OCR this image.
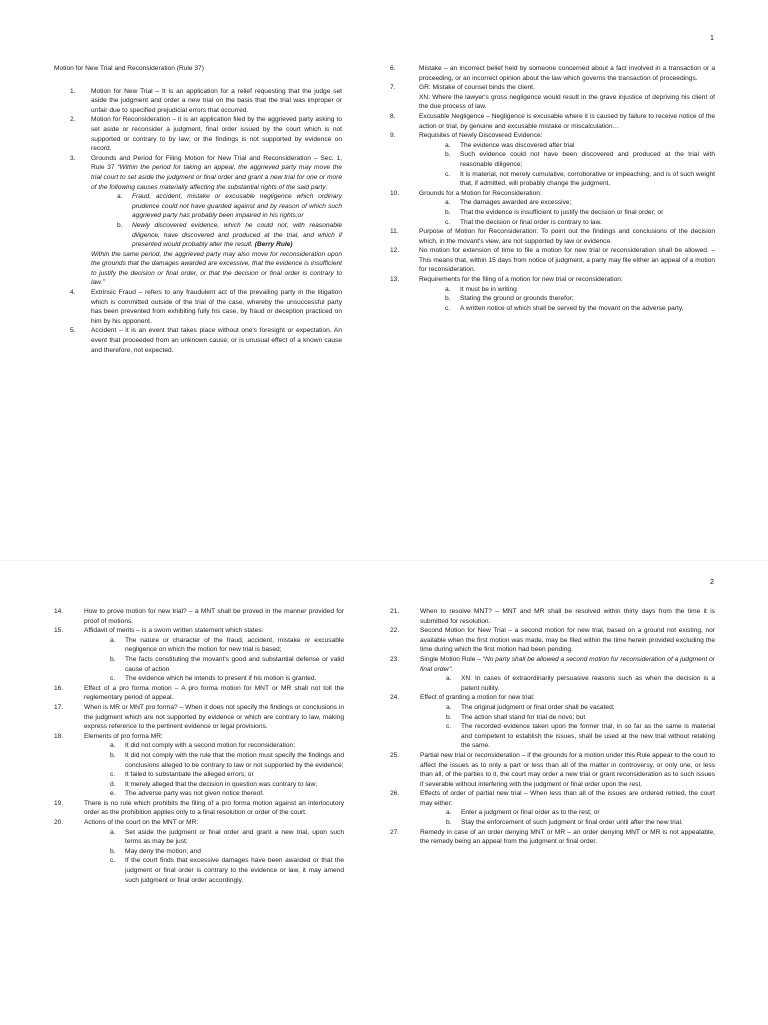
1
Motion for New Trial and Reconsideration (Rule 37)
1. Motion for New Trial – It is an application for a relief requesting that the judge set aside the judgment and order a new trial on the basis that the trial was improper or unfair due to specified prejudicial errors that occurred.
2. Motion for Reconsideration – it is an application filed by the aggrieved party asking to set aside or reconsider a judgment, final order issued by the court which is not supported or contrary to by law; or the findings is not supported by evidence on record.
3. Grounds and Period for Filing Motion for New Trial and Reconsideration – Sec. 1, Rule 37 “Within the period for taking an appeal, the aggrieved party may move the trial court to set aside the judgment or final order and grant a new trial for one or more of the following causes materially affecting the substantial rights of the said party:
a. Fraud, accident, mistake or excusable negligence which ordinary prudence could not have guarded against and by reason of which such aggrieved party has probably been impaired in his rights;or
b. Newly discovered evidence, which he could not, with reasonable diligence, have discovered and produced at the trial, and which if presented would probably alter the result. (Berry Rule)
Within the same period, the aggrieved party may also move for reconsideration upon the grounds that the damages awarded are excessive, that the evidence is insufficient to justify the decision or final order, or that the decision or final order is contrary to law.”
4. Extrinsic Fraud – refers to any fraudulent act of the prevailing party in the litigation which is committed outside of the trial of the case, whereby the unsuccessful party has been prevented from exhibiting fully his case, by fraud or deception practiced on him by his opponent.
5. Accident – it is an event that takes place without one's foresight or expectation. An event that proceeded from an unknown cause; or is unusual effect of a known cause and therefore, not expected.
6.	Mistake – an incorrect belief held by someone concerned about a fact involved in a transaction or a proceeding, or an incorrect opinion about the law which governs the transaction of proceedings.
7.	GR: Mistake of counsel binds the client.
XN: Where the lawyer's gross negligence would result in the grave injustice of depriving his client of the due process of law.
8.	Excusable Negligence – Negligence is excusable where it is caused by failure to receive notice of the action or trial, by genuine and excusable mistake or miscalculation…
9.	Requisites of Newly Discovered Evidence:
a. The evidence was discovered after trial
b. Such evidence could not have been discovered and produced at the trial with reasonable diligence;
c. It is material, not merely cumulative, corroborative or impeaching, and is of such weight that, if admitted, will probably change the judgment.
10.	Grounds for a Motion for Reconsideration:
a. The damages awarded are excessive;
b. That the evidence is insufficient to justify the decision or final order; or
c. That the decision or final order is contrary to law.
11.	Purpose of Motion for Reconsideration: To point out the findings and conclusions of the decision which, in the movant's view, are not supported by law or evidence.
12.	No motion for extension of time to file a motion for new trial or reconsideration shall be allowed. – This means that, within 15 days from notice of judgment, a party may file either an appeal of a motion for reconsideration.
13.	Requirements for the filing of a motion for new trial or reconsideration:
a. It must be in writing
b. Stating the ground or grounds therefor;
c. A written notice of which shall be served by the movant on the adverse party.
2
14.	How to prove motion for new trial? – a MNT shall be proved in the manner provided for proof of motions.
15.	Affidavit of merits – is a sworn written statement which states:
a. The nature or character of the fraud, accident, mistake or excusable negligence on which the motion for new trial is based;
b. The facts constituting the movant's good and substantial defense or valid cause of action
c. The evidence which he intends to present if his motion is granted.
16.	Effect of a pro forma motion – A pro forma motion for MNT or MR shall not toll the reglementary period of appeal.
17.	When is MR or MNT pro forma? – When it does not specify the findings or conclusions in the judgment which are not supported by evidence or which are contrary to law, making express reference to the pertinent evidence or legal provisions.
18.	Elements of pro forma MR:
a. It did not comply with a second motion for reconsideration;
b. It did not comply with the rule that the motion must specify the findings and conclusions alleged to be contrary to law or not supported by the evidence;
c. It failed to substantiate the alleged errors; or
d. It merely alleged that the decision in question was contrary to law;
e. The adverse party was not given notice thereof.
19.	There is no rule which prohibits the filing of a pro forma motion against an interlocutory order as the prohibition applies only to a final resolution or order of the court.
20.	Actions of the court on the MNT or MR:
a. Set aside the judgment or final order and grant a new trial, upon such terms as may be just;
b. May deny the motion; and
c. If the court finds that excessive damages have been awarded or that the judgment or final order is contrary to the evidence or law, it may amend such judgment or final order accordingly.
21.	When to resolve MNT? – MNT and MR shall be resolved within thirty days from the time it is submitted for resolution.
22.	Second Motion for New Trial – a second motion for new trial, based on a ground not existing, nor available when the first motion was made, may be filed within the time herein provided excluding the time during which the first motion had been pending.
23.	Single Motion Rule – “No party shall be allowed a second motion for reconsideration of a judgment or final order”.
a. XN: In cases of extraordinarily persuasive reasons such as when the decision is a patent nullity.
24.	Effect of granting a motion for new trial:
a. The original judgment or final order shall be vacated;
b. The action shall stand for trial de novo; but
c. The recorded evidence taken upon the former trial, in so far as the same is material and competent to establish the issues, shall be used at the new trial without retaking the same.
25.	Partial new trial or reconsideration – if the grounds for a motion under this Rule appear to the court to affect the issues as to only a part or less than all of the matter in controversy, or only one, or less than all, of the parties to it, the court may order a new trial or grant reconsideration as to such issues if severable without interfering with the judgment or final order upon the rest.
26.	Effects of order of partial new trial – When less than all of the issues are ordered retried, the court may either:
a. Enter a judgment or final order as to the rest; or
b. Stay the enforcement of such judgment or final order until after the new trial.
27.	Remedy in case of an order denying MNT or MR – an order denying MNT or MR is not appealable, the remedy being an appeal from the judgment or final order.
